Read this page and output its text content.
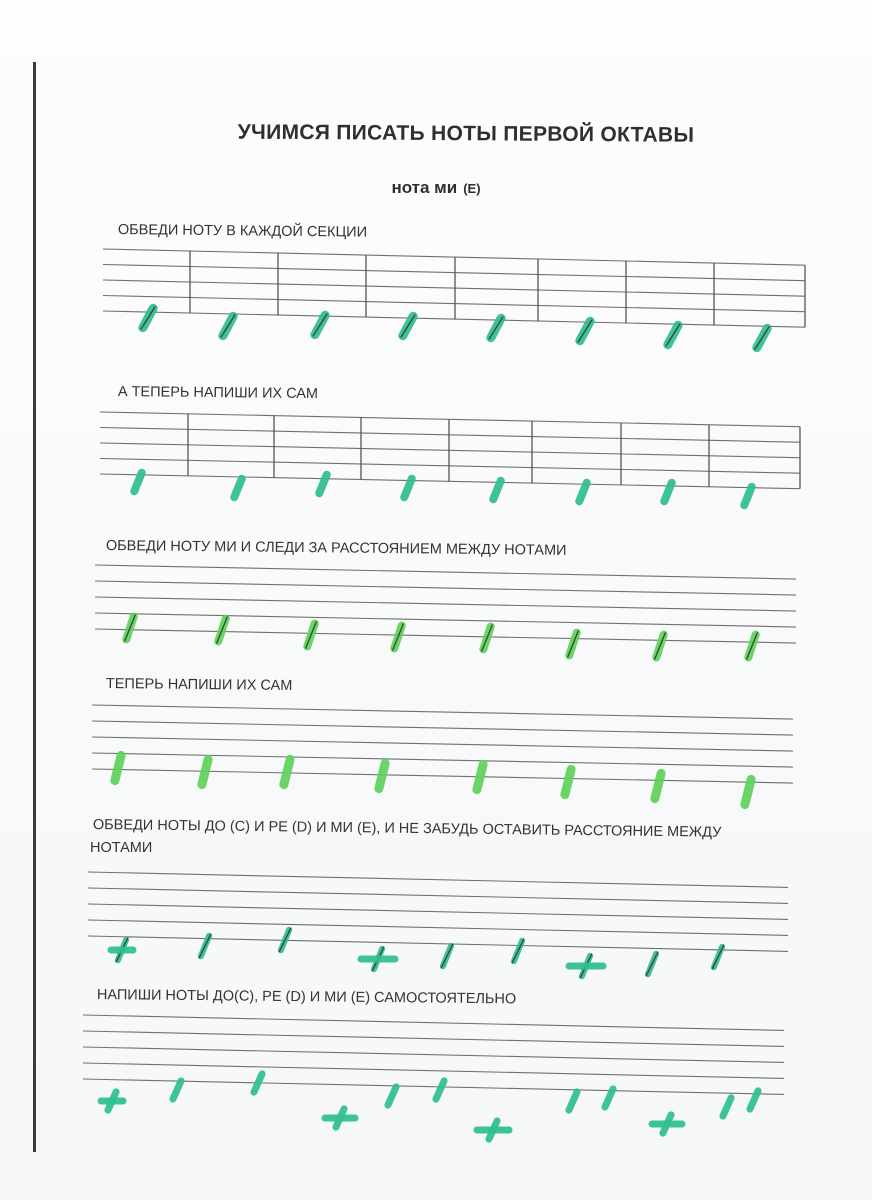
УЧИМСЯ ПИСАТЬ НОТЫ ПЕРВОЙ ОКТАВЫ
нота ми (E)
ОБВЕДИ НОТУ В КАЖДОЙ СЕКЦИИ
А ТЕПЕРЬ НАПИШИ ИХ САМ
ОБВЕДИ НОТУ МИ И СЛЕДИ ЗА РАССТОЯНИЕМ МЕЖДУ НОТАМИ
ТЕПЕРЬ НАПИШИ ИХ САМ
ОБВЕДИ НОТЫ ДО (С) И РЕ (D) И МИ (E), И НЕ ЗАБУДЬ ОСТАВИТЬ РАССТОЯНИЕ МЕЖДУ
НОТАМИ
НАПИШИ НОТЫ ДО(С), РЕ (D) И МИ (E) САМОСТОЯТЕЛЬНО
